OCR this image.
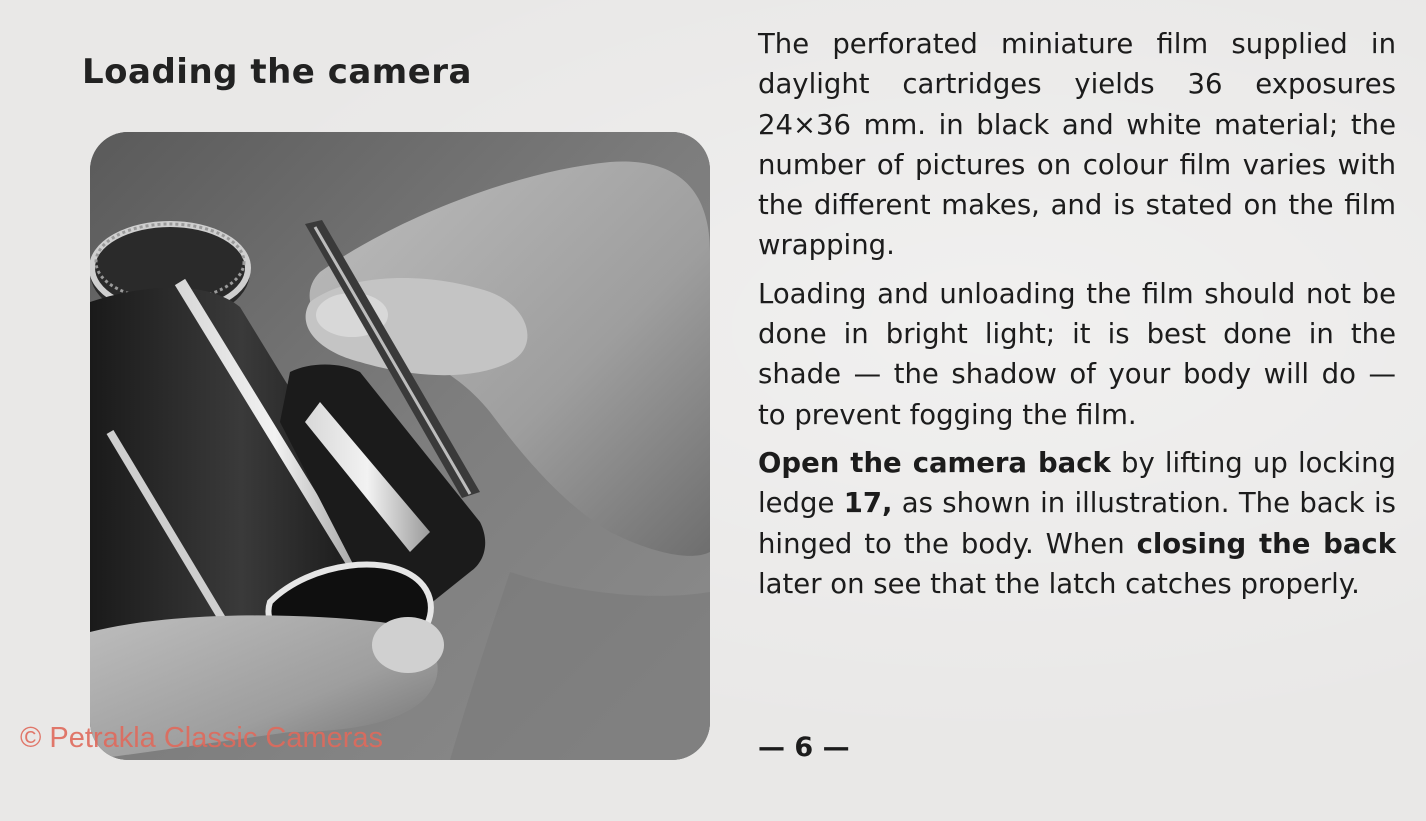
Loading the camera
© Petrakla Classic Cameras

The perforated miniature film supplied in daylight cartridges yields 36 exposures 24×36 mm. in black and white material; the number of pictures on colour film varies with the different makes, and is stated on the film wrapping.

Loading and unloading the film should not be done in bright light; it is best done in the shade — the shadow of your body will do — to prevent fogging the film.

Open the camera back by lifting up locking ledge 17, as shown in illustration. The back is hinged to the body. When closing the back later on see that the latch catches properly.

— 6 —
